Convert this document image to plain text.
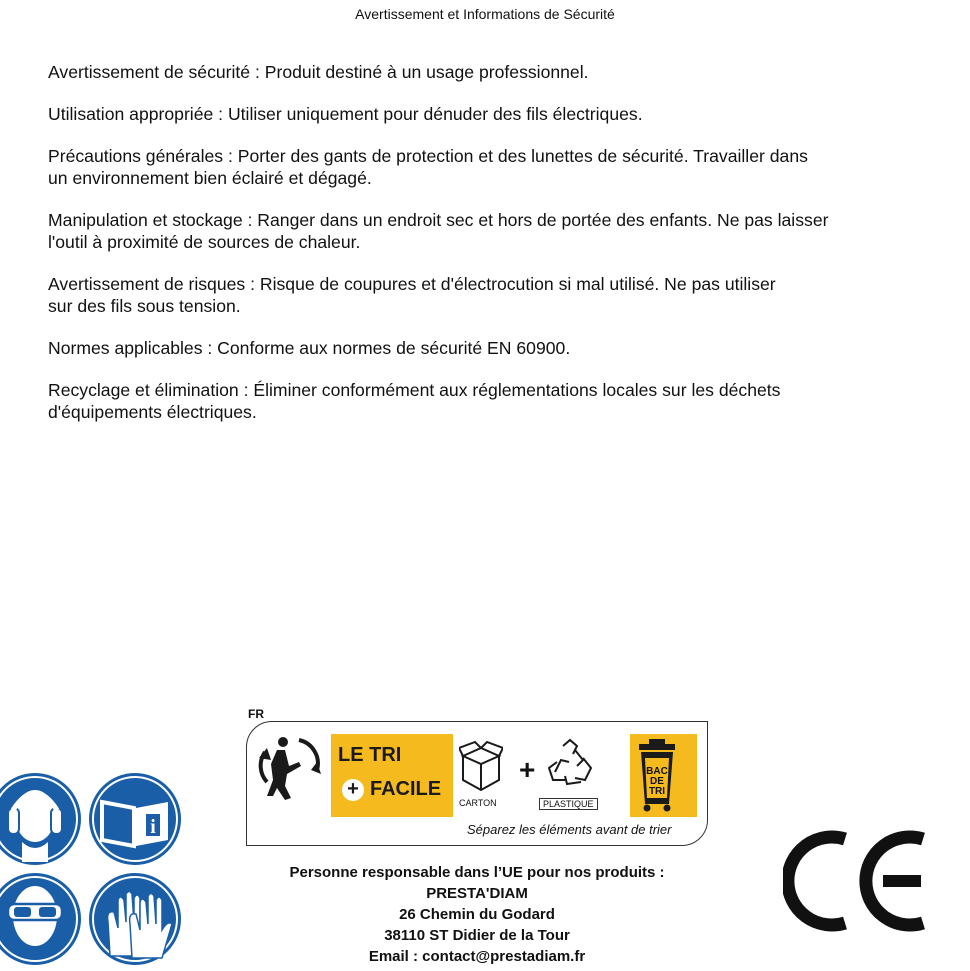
Avertissement et Informations de Sécurité

Avertissement de sécurité : Produit destiné à un usage professionnel.

Utilisation appropriée : Utiliser uniquement pour dénuder des fils électriques.

Précautions générales : Porter des gants de protection et des lunettes de sécurité. Travailler dans
un environnement bien éclairé et dégagé.

Manipulation et stockage : Ranger dans un endroit sec et hors de portée des enfants. Ne pas laisser
l'outil à proximité de sources de chaleur.

Avertissement de risques : Risque de coupures et d'électrocution si mal utilisé. Ne pas utiliser
sur des fils sous tension.

Normes applicables : Conforme aux normes de sécurité EN 60900.

Recyclage et élimination : Éliminer conformément aux réglementations locales sur les déchets
d'équipements électriques.

i
FR
LE TRI
+ FACILE
+
CARTON	PLASTIQUE
BAC
DE
TRI
Séparez les éléments avant de trier
Personne responsable dans l’UE pour nos produits :
PRESTA'DIAM
26 Chemin du Godard
38110 ST Didier de la Tour
Email : contact@prestadiam.fr
